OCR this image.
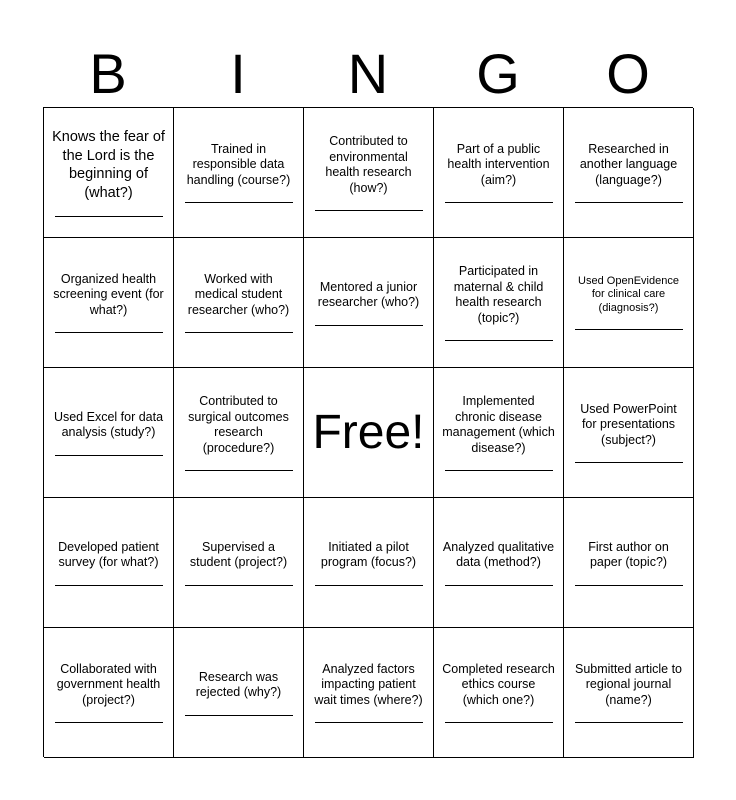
B	I	N	G	O
Knows the fear of the Lord is the beginning of (what?)
Trained in responsible data handling (course?)
Contributed to environmental health research (how?)
Part of a public health intervention (aim?)
Researched in another language (language?)
Organized health screening event (for what?)
Worked with medical student researcher (who?)
Mentored a junior researcher (who?)
Participated in maternal & child health research (topic?)
Used OpenEvidence for clinical care (diagnosis?)
Used Excel for data analysis (study?)
Contributed to surgical outcomes research (procedure?) Free!
Implemented chronic disease management (which disease?)
Used PowerPoint for presentations (subject?)
Developed patient survey (for what?)
Supervised a student (project?)
Initiated a pilot program (focus?)
Analyzed qualitative data (method?)
First author on paper (topic?)
Collaborated with government health (project?)
Research was rejected (why?)
Analyzed factors impacting patient wait times (where?)
Completed research ethics course (which one?)
Submitted article to regional journal (name?)
